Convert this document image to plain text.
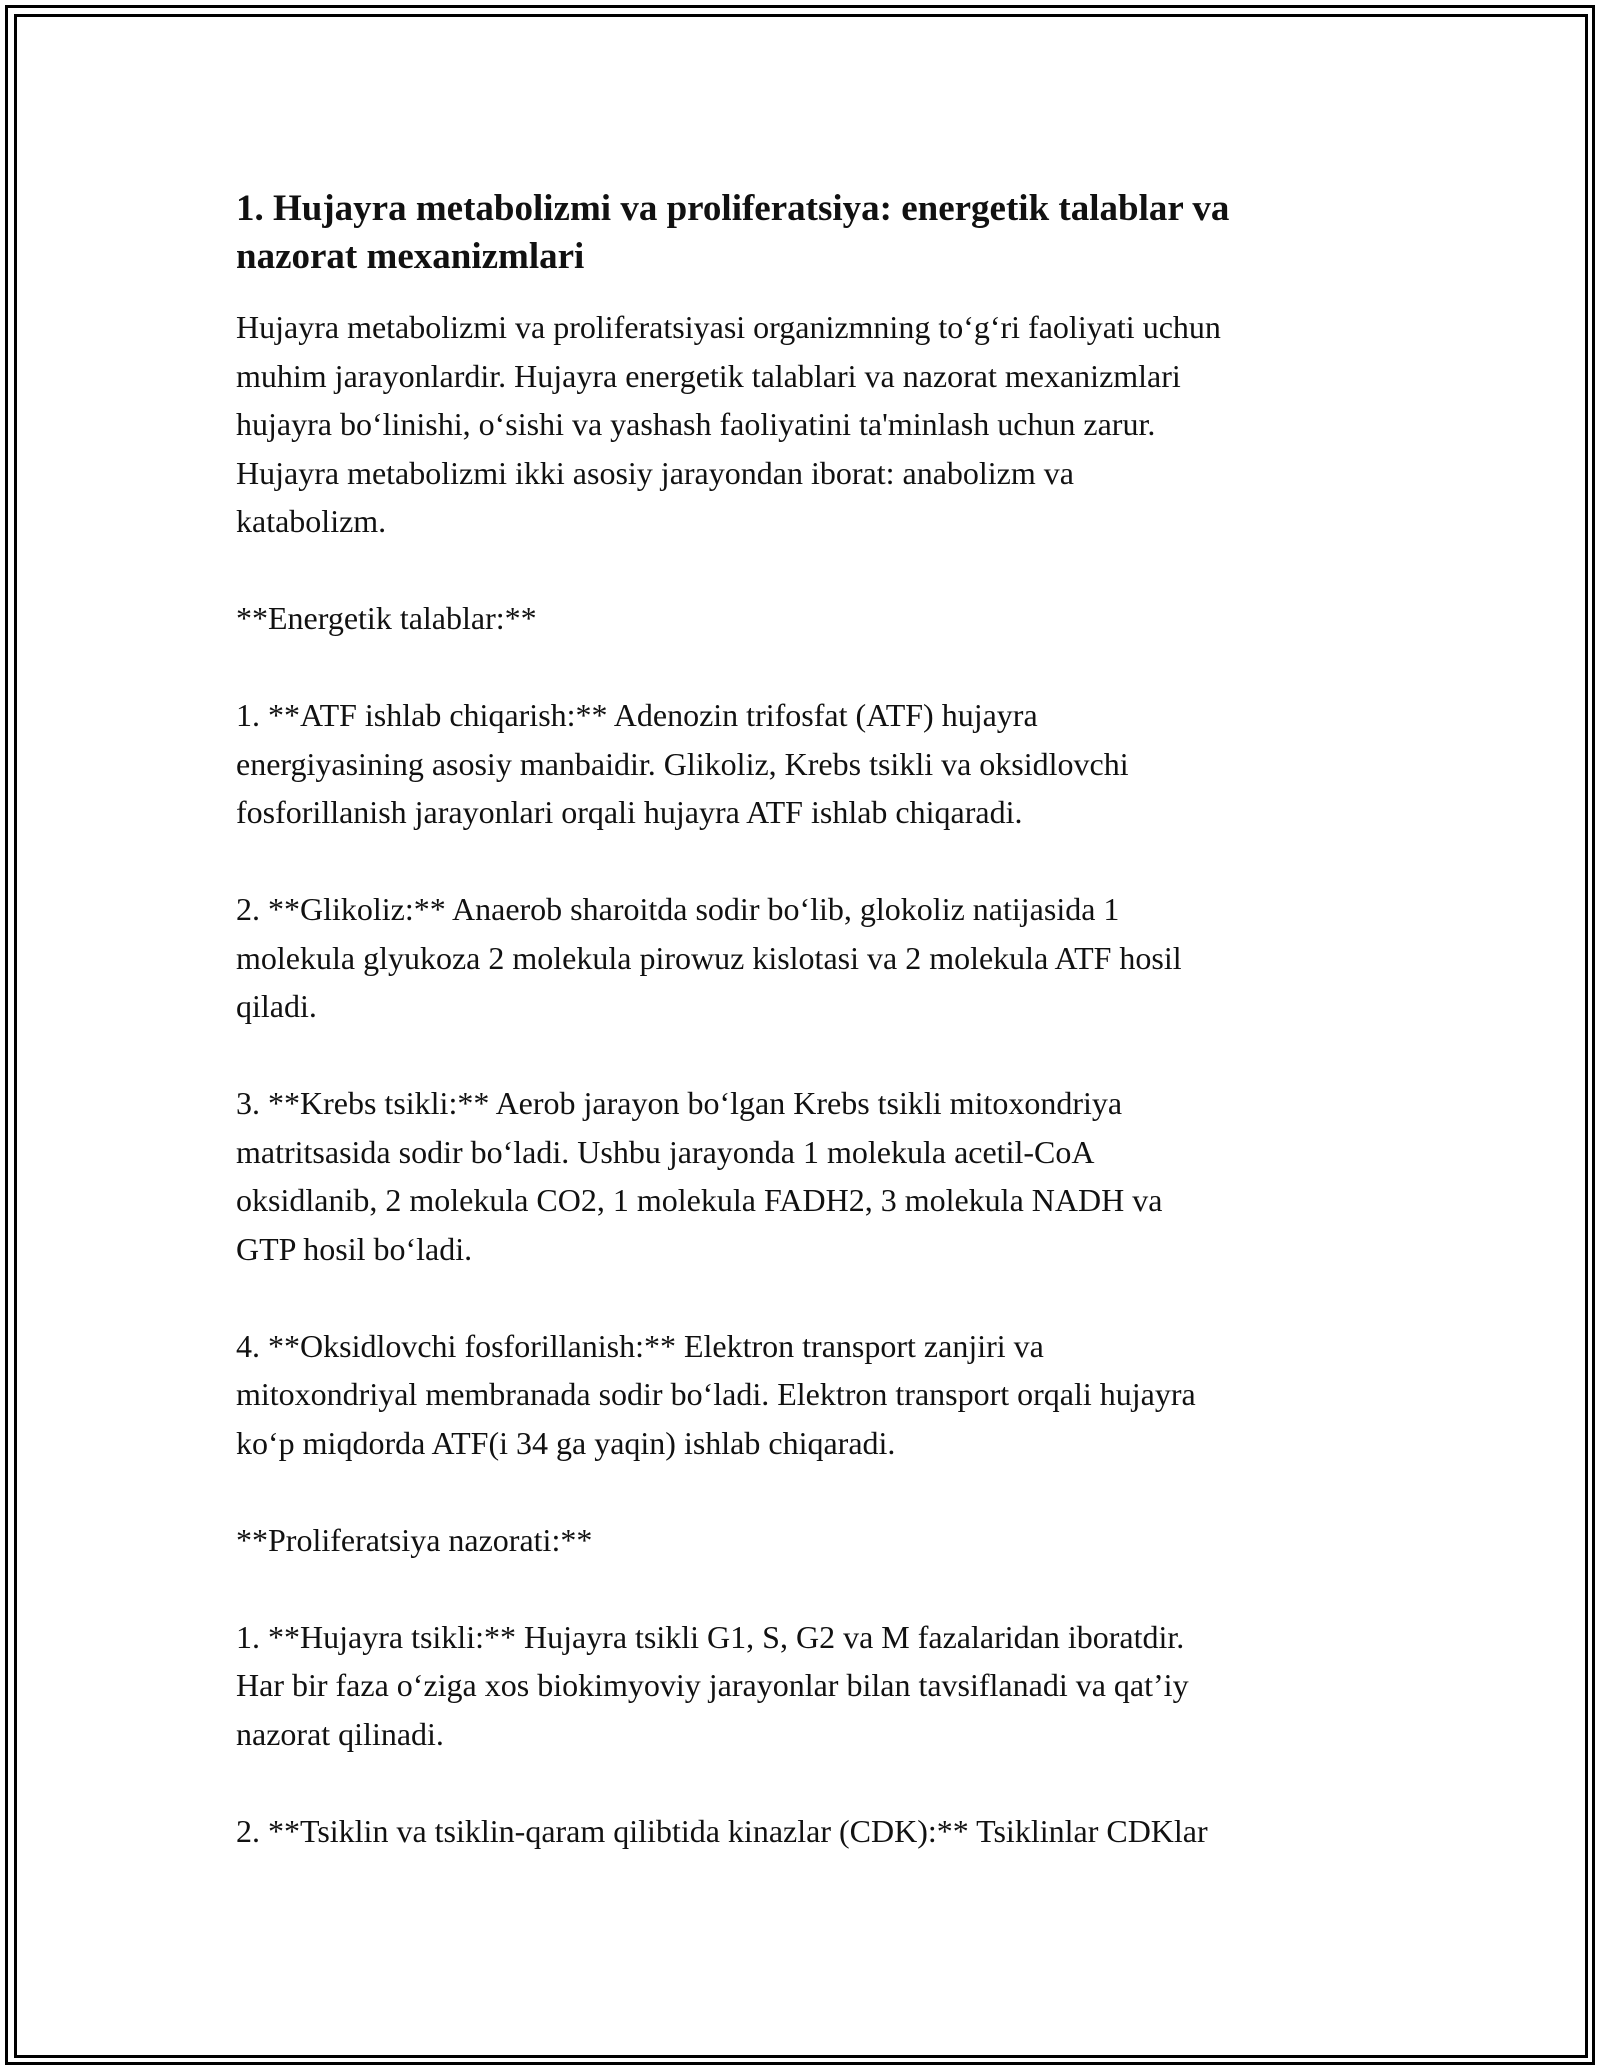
1. Hujayra metabolizmi va proliferatsiya: energetik talablar va
nazorat mexanizmlari

Hujayra metabolizmi va proliferatsiyasi organizmning to‘g‘ri faoliyati uchun
muhim jarayonlardir. Hujayra energetik talablari va nazorat mexanizmlari
hujayra bo‘linishi, o‘sishi va yashash faoliyatini ta'minlash uchun zarur.
Hujayra metabolizmi ikki asosiy jarayondan iborat: anabolizm va
katabolizm.

**Energetik talablar:**

1. **ATF ishlab chiqarish:** Adenozin trifosfat (ATF) hujayra
energiyasining asosiy manbaidir. Glikoliz, Krebs tsikli va oksidlovchi
fosforillanish jarayonlari orqali hujayra ATF ishlab chiqaradi.

2. **Glikoliz:** Anaerob sharoitda sodir bo‘lib, glokoliz natijasida 1
molekula glyukoza 2 molekula pirowuz kislotasi va 2 molekula ATF hosil
qiladi.

3. **Krebs tsikli:** Aerob jarayon bo‘lgan Krebs tsikli mitoxondriya
matritsasida sodir bo‘ladi. Ushbu jarayonda 1 molekula acetil-CoA
oksidlanib, 2 molekula CO2, 1 molekula FADH2, 3 molekula NADH va
GTP hosil bo‘ladi.

4. **Oksidlovchi fosforillanish:** Elektron transport zanjiri va
mitoxondriyal membranada sodir bo‘ladi. Elektron transport orqali hujayra
ko‘p miqdorda ATF(i 34 ga yaqin) ishlab chiqaradi.

**Proliferatsiya nazorati:**

1. **Hujayra tsikli:** Hujayra tsikli G1, S, G2 va M fazalaridan iboratdir.
Har bir faza o‘ziga xos biokimyoviy jarayonlar bilan tavsiflanadi va qat’iy
nazorat qilinadi.

2. **Tsiklin va tsiklin-qaram qilibtida kinazlar (CDK):** Tsiklinlar CDKlar
